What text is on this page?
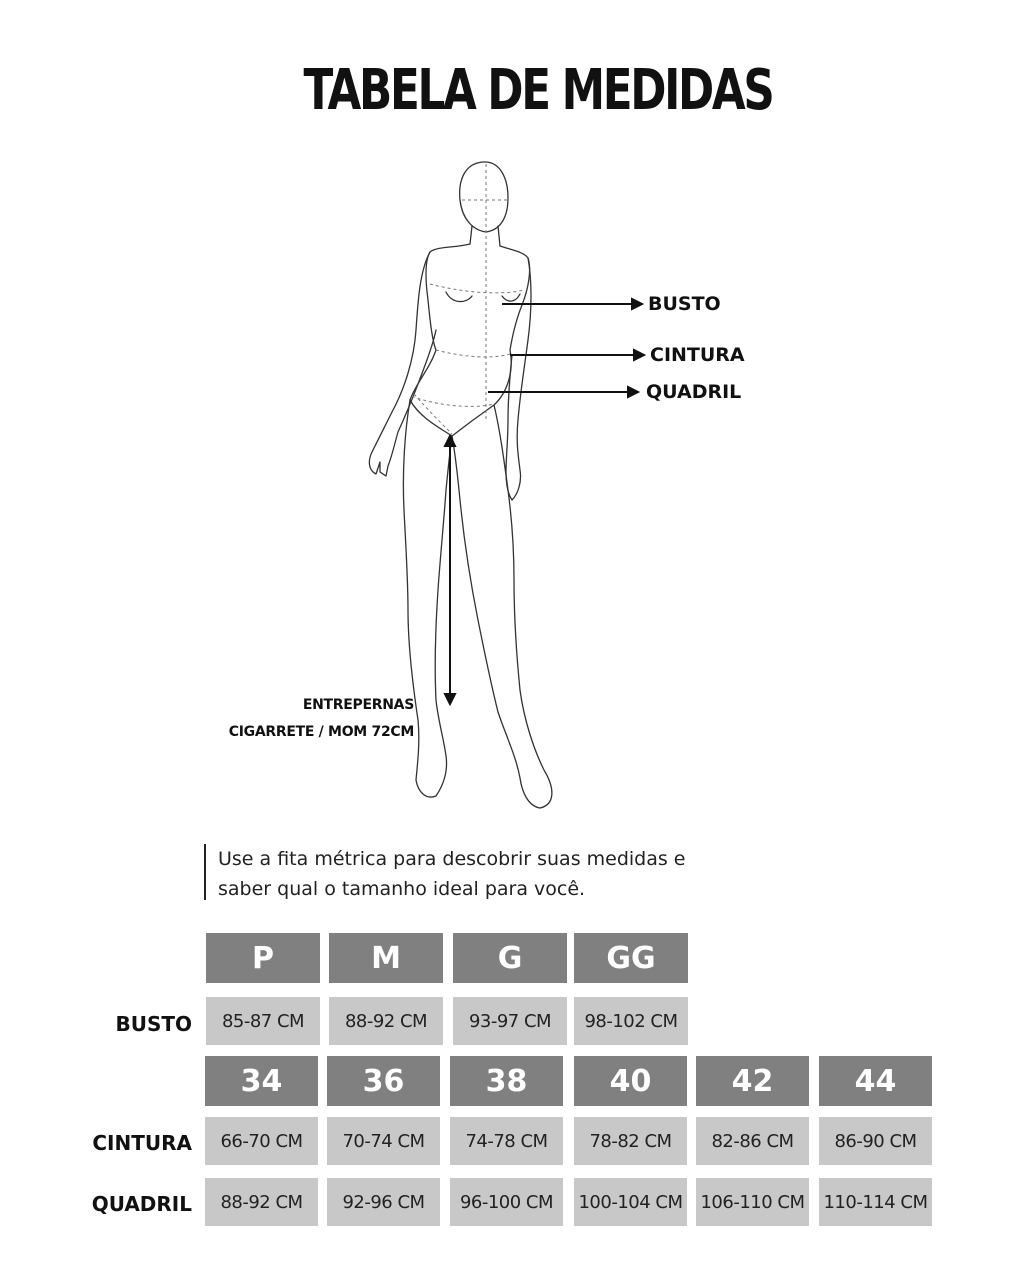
TABELA DE MEDIDAS
BUSTO
CINTURA
QUADRIL
ENTREPERNAS
CIGARRETE / MOM 72CM
Use a fita métrica para descobrir suas medidas e
saber qual o tamanho ideal para você.
P	M	G	GG
BUSTO	85-87 CM	88-92 CM	93-97 CM	98-102 CM
34	36	38	40	42	44
CINTURA	66-70 CM	70-74 CM	74-78 CM	78-82 CM	82-86 CM	86-90 CM
QUADRIL	88-92 CM	92-96 CM	96-100 CM	100-104 CM 106-110 CM 110-114 CM
